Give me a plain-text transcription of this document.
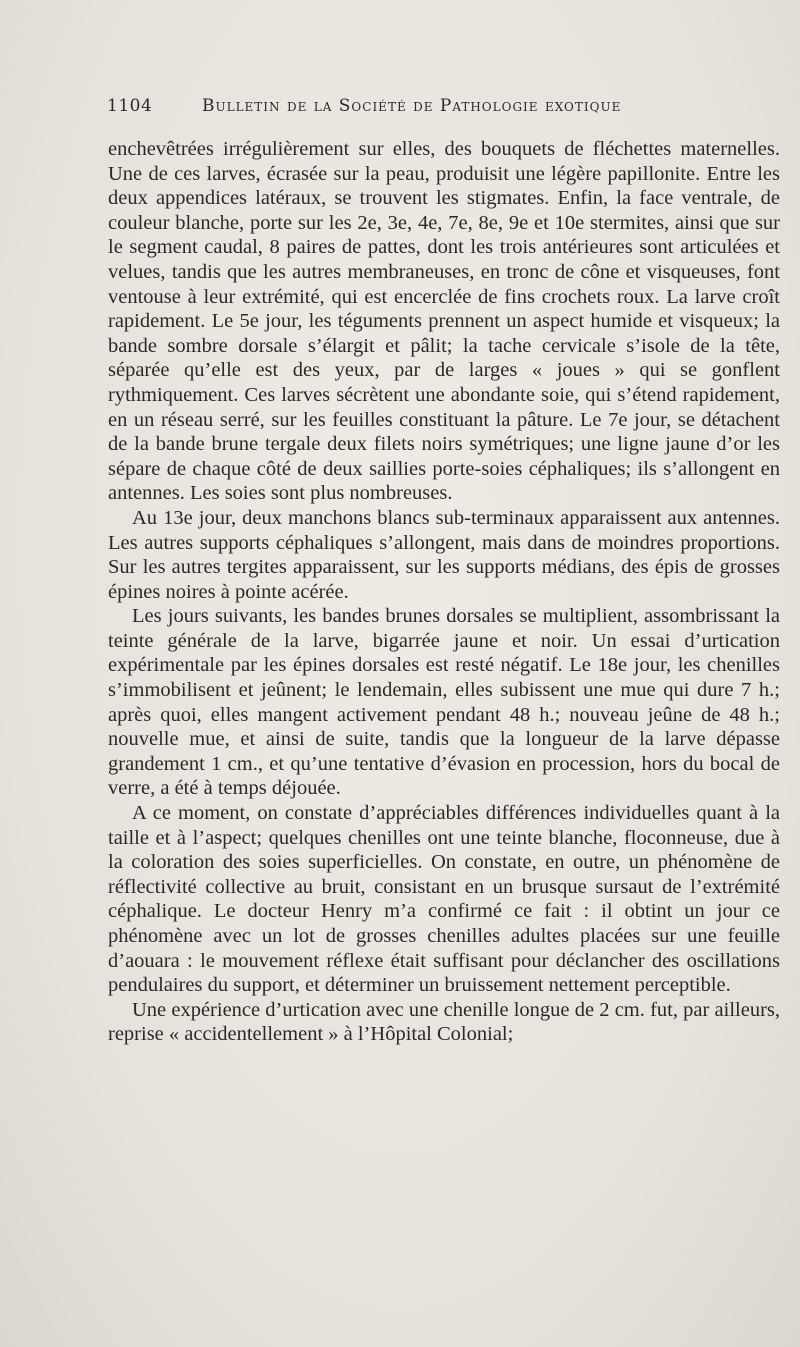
1104	Bulletin de la Société de Pathologie exotique

enchevêtrées irrégulièrement sur elles, des bouquets de fléchettes maternelles. Une de ces larves, écrasée sur la peau, produisit une légère papillonite. Entre les deux appendices latéraux, se trouvent les stigmates. Enfin, la face ventrale, de couleur blanche, porte sur les 2e, 3e, 4e, 7e, 8e, 9e et 10e stermites, ainsi que sur le segment caudal, 8 paires de pattes, dont les trois antérieures sont articulées et velues, tandis que les autres membraneuses, en tronc de cône et visqueuses, font ventouse à leur extrémité, qui est encerclée de fins crochets roux. La larve croît rapidement. Le 5e jour, les téguments prennent un aspect humide et visqueux; la bande sombre dorsale s’élargit et pâlit; la tache cervicale s’isole de la tête, séparée qu’elle est des yeux, par de larges « joues » qui se gonflent rythmiquement. Ces larves sécrètent une abondante soie, qui s’étend rapidement, en un réseau serré, sur les feuilles constituant la pâture. Le 7e jour, se détachent de la bande brune tergale deux filets noirs symétriques; une ligne jaune d’or les sépare de chaque côté de deux saillies porte-soies céphaliques; ils s’allongent en antennes. Les soies sont plus nombreuses.

Au 13e jour, deux manchons blancs sub-terminaux apparaissent aux antennes. Les autres supports céphaliques s’allongent, mais dans de moindres proportions. Sur les autres tergites apparaissent, sur les supports médians, des épis de grosses épines noires à pointe acérée.

Les jours suivants, les bandes brunes dorsales se multiplient, assombrissant la teinte générale de la larve, bigarrée jaune et noir. Un essai d’urtication expérimentale par les épines dorsales est resté négatif. Le 18e jour, les chenilles s’immobilisent et jeûnent; le lendemain, elles subissent une mue qui dure 7 h.; après quoi, elles mangent activement pendant 48 h.; nouveau jeûne de 48 h.; nouvelle mue, et ainsi de suite, tandis que la longueur de la larve dépasse grandement 1 cm., et qu’une tentative d’évasion en procession, hors du bocal de verre, a été à temps déjouée.

A ce moment, on constate d’appréciables différences individuelles quant à la taille et à l’aspect; quelques chenilles ont une teinte blanche, floconneuse, due à la coloration des soies superficielles. On constate, en outre, un phénomène de réflectivité collective au bruit, consistant en un brusque sursaut de l’extrémité céphalique. Le docteur Henry m’a confirmé ce fait : il obtint un jour ce phénomène avec un lot de grosses chenilles adultes placées sur une feuille d’aouara : le mouvement réflexe était suffisant pour déclancher des oscillations pendulaires du support, et déterminer un bruissement nettement perceptible.

Une expérience d’urtication avec une chenille longue de 2 cm. fut, par ailleurs, reprise « accidentellement » à l’Hôpital Colonial;
